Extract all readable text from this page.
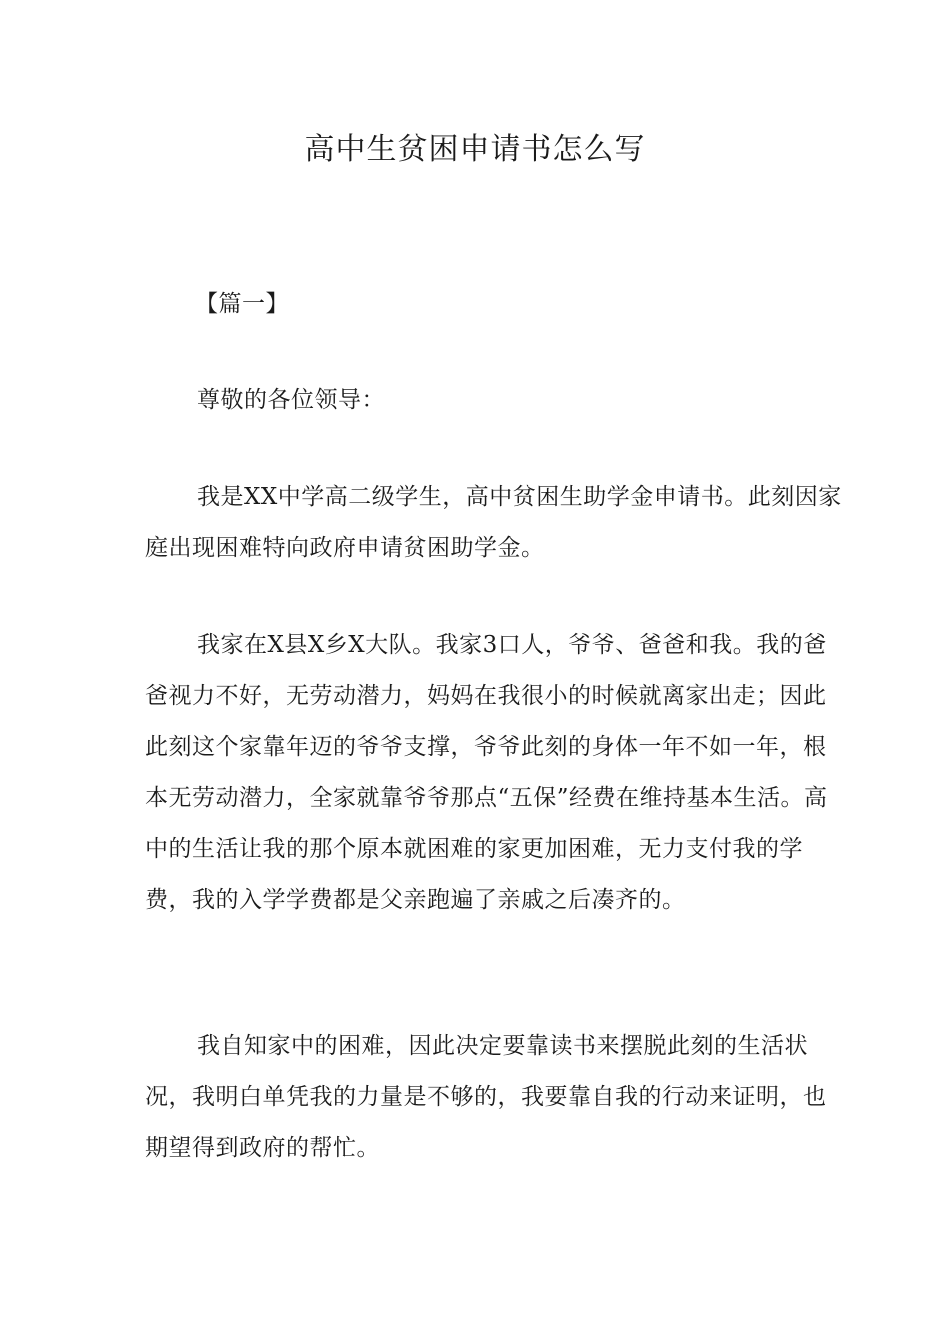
高中生贫困申请书怎么写

【篇一】

尊敬的各位领导：

我是XX中学高二级学生，高中贫困生助学金申请书。此刻因家庭出现困难特向政府申请贫困助学金。

我家在X县X乡X大队。我家3口人，爷爷、爸爸和我。我的爸爸视力不好，无劳动潜力，妈妈在我很小的时候就离家出走；因此此刻这个家靠年迈的爷爷支撑，爷爷此刻的身体一年不如一年，根本无劳动潜力，全家就靠爷爷那点“五保”经费在维持基本生活。高中的生活让我的那个原本就困难的家更加困难，无力支付我的学费，我的入学学费都是父亲跑遍了亲戚之后凑齐的。

我自知家中的困难，因此决定要靠读书来摆脱此刻的生活状况，我明白单凭我的力量是不够的，我要靠自我的行动来证明，也期望得到政府的帮忙。
